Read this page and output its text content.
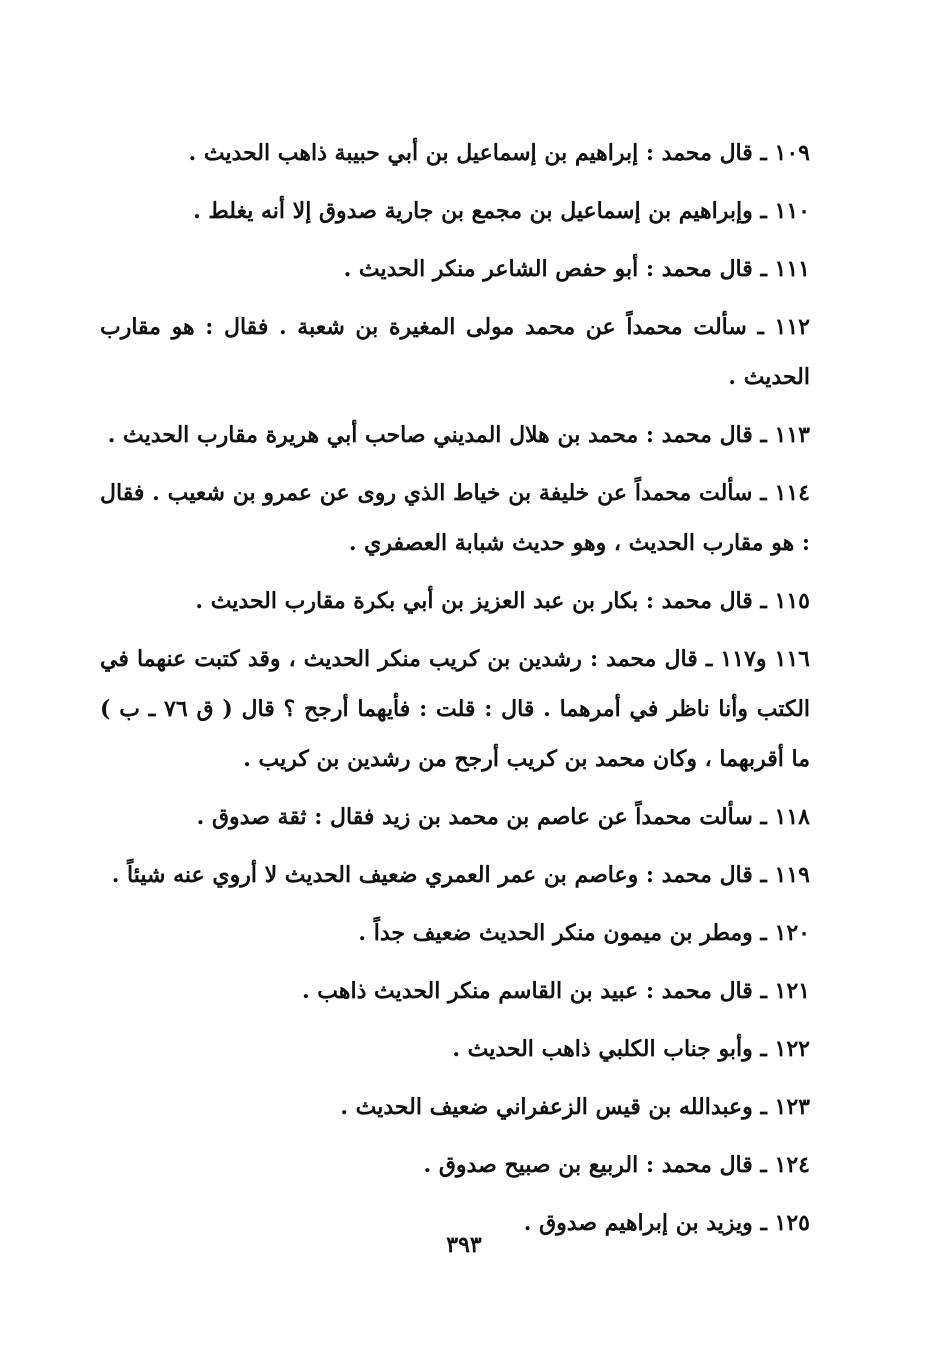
١٠٩ ـ قال محمد : إبراهيم بن إسماعيل بن أبي حبيبة ذاهب الحديث .

١١٠ ـ وإبراهيم بن إسماعيل بن مجمع بن جارية صدوق إلا أنه يغلط .

١١١ ـ قال محمد : أبو حفص الشاعر منكر الحديث .

١١٢ ـ سألت محمداً عن محمد مولى المغيرة بن شعبة . فقال : هو مقارب الحديث .

١١٣ ـ قال محمد : محمد بن هلال المديني صاحب أبي هريرة مقارب الحديث .

١١٤ ـ سألت محمداً عن خليفة بن خياط الذي روى عن عمرو بن شعيب . فقال : هو مقارب الحديث ، وهو حديث شبابة العصفري .

١١٥ ـ قال محمد : بكار بن عبد العزيز بن أبي بكرة مقارب الحديث .

١١٦ و١١٧ ـ قال محمد : رشدين بن كريب منكر الحديث ، وقد كتبت عنهما في الكتب وأنا ناظر في أمرهما . قال : قلت : فأيهما أرجح ؟ قال ( ق ٧٦ ـ ب ) ما أقربهما ، وكان محمد بن كريب أرجح من رشدين بن كريب .

١١٨ ـ سألت محمداً عن عاصم بن محمد بن زيد فقال : ثقة صدوق .

١١٩ ـ قال محمد : وعاصم بن عمر العمري ضعيف الحديث لا أروي عنه شيئاً .

١٢٠ ـ ومطر بن ميمون منكر الحديث ضعيف جداً .

١٢١ ـ قال محمد : عبيد بن القاسم منكر الحديث ذاهب .

١٢٢ ـ وأبو جناب الكلبي ذاهب الحديث .

١٢٣ ـ وعبدالله بن قيس الزعفراني ضعيف الحديث .

١٢٤ ـ قال محمد : الربيع بن صبيح صدوق .

١٢٥ ـ ويزيد بن إبراهيم صدوق .

٣٩٣
